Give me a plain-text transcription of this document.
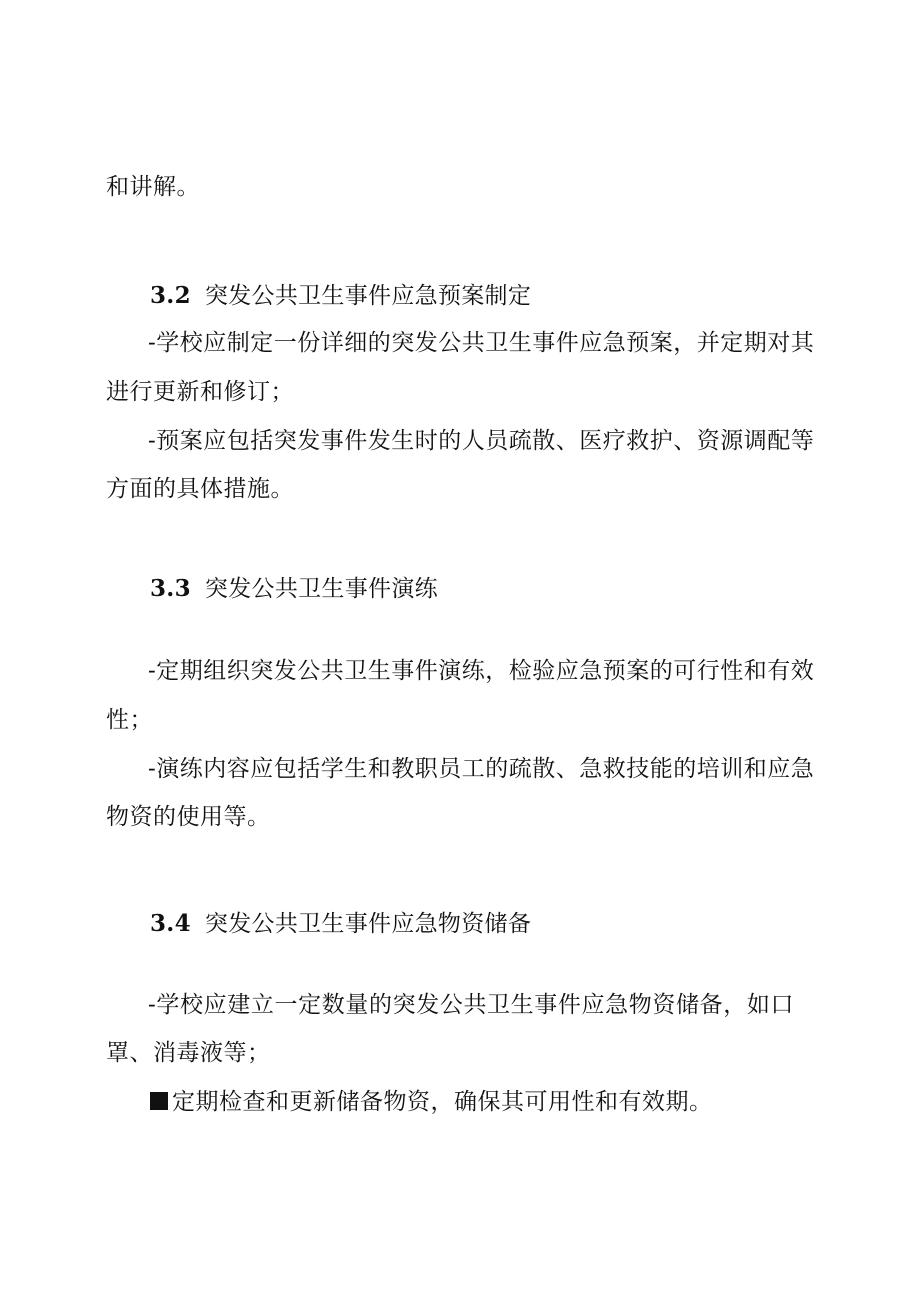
和讲解。
3.2 突发公共卫生事件应急预案制定
-学校应制定一份详细的突发公共卫生事件应急预案，并定期对其
进行更新和修订；
-预案应包括突发事件发生时的人员疏散、医疗救护、资源调配等
方面的具体措施。
3.3 突发公共卫生事件演练
-定期组织突发公共卫生事件演练，检验应急预案的可行性和有效
性；
-演练内容应包括学生和教职员工的疏散、急救技能的培训和应急
物资的使用等。
3.4 突发公共卫生事件应急物资储备
-学校应建立一定数量的突发公共卫生事件应急物资储备，如口
罩、消毒液等；
定期检查和更新储备物资，确保其可用性和有效期。
